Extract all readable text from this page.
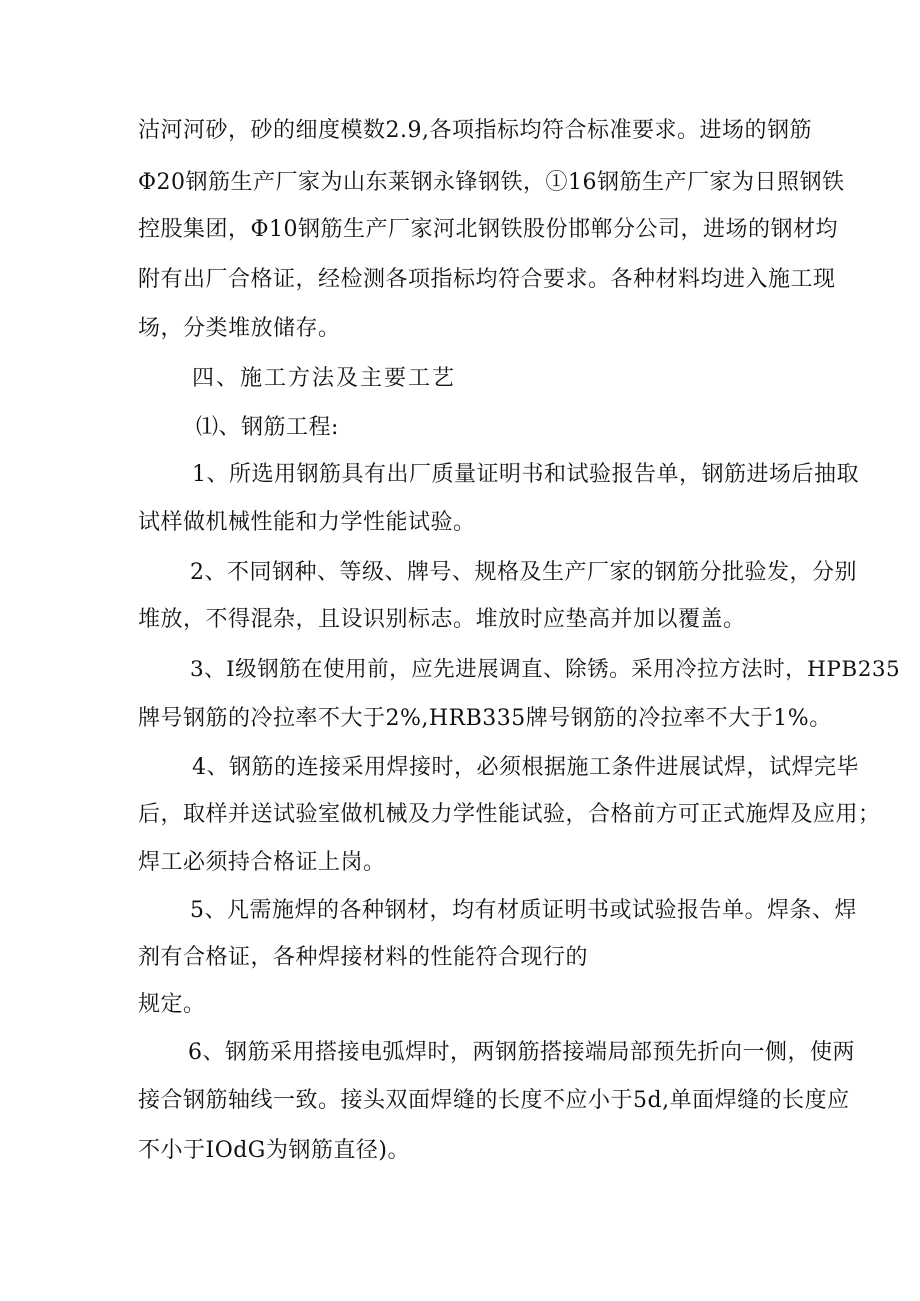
沽河河砂，砂的细度模数2.9,各项指标均符合标准要求。进场的钢筋
Φ20钢筋生产厂家为山东莱钢永锋钢铁，①16钢筋生产厂家为日照钢铁
控股集团，Φ10钢筋生产厂家河北钢铁股份邯郸分公司，进场的钢材均
附有出厂合格证，经检测各项指标均符合要求。各种材料均进入施工现
场，分类堆放储存。
四、施工方法及主要工艺
⑴、钢筋工程:
1、所选用钢筋具有出厂质量证明书和试验报告单，钢筋进场后抽取
试样做机械性能和力学性能试验。
2、不同钢种、等级、牌号、规格及生产厂家的钢筋分批验发，分别
堆放，不得混杂，且设识别标志。堆放时应垫高并加以覆盖。
3、I级钢筋在使用前，应先进展调直、除锈。采用冷拉方法时，HPB235
牌号钢筋的冷拉率不大于2%,HRB335牌号钢筋的冷拉率不大于1%。
4、钢筋的连接采用焊接时，必须根据施工条件进展试焊，试焊完毕
后，取样并送试验室做机械及力学性能试验，合格前方可正式施焊及应用；
焊工必须持合格证上岗。
5、凡需施焊的各种钢材，均有材质证明书或试验报告单。焊条、焊
剂有合格证，各种焊接材料的性能符合现行的
规定。
6、钢筋采用搭接电弧焊时，两钢筋搭接端局部预先折向一侧，使两
接合钢筋轴线一致。接头双面焊缝的长度不应小于5d,单面焊缝的长度应
不小于IOdG为钢筋直径)。
